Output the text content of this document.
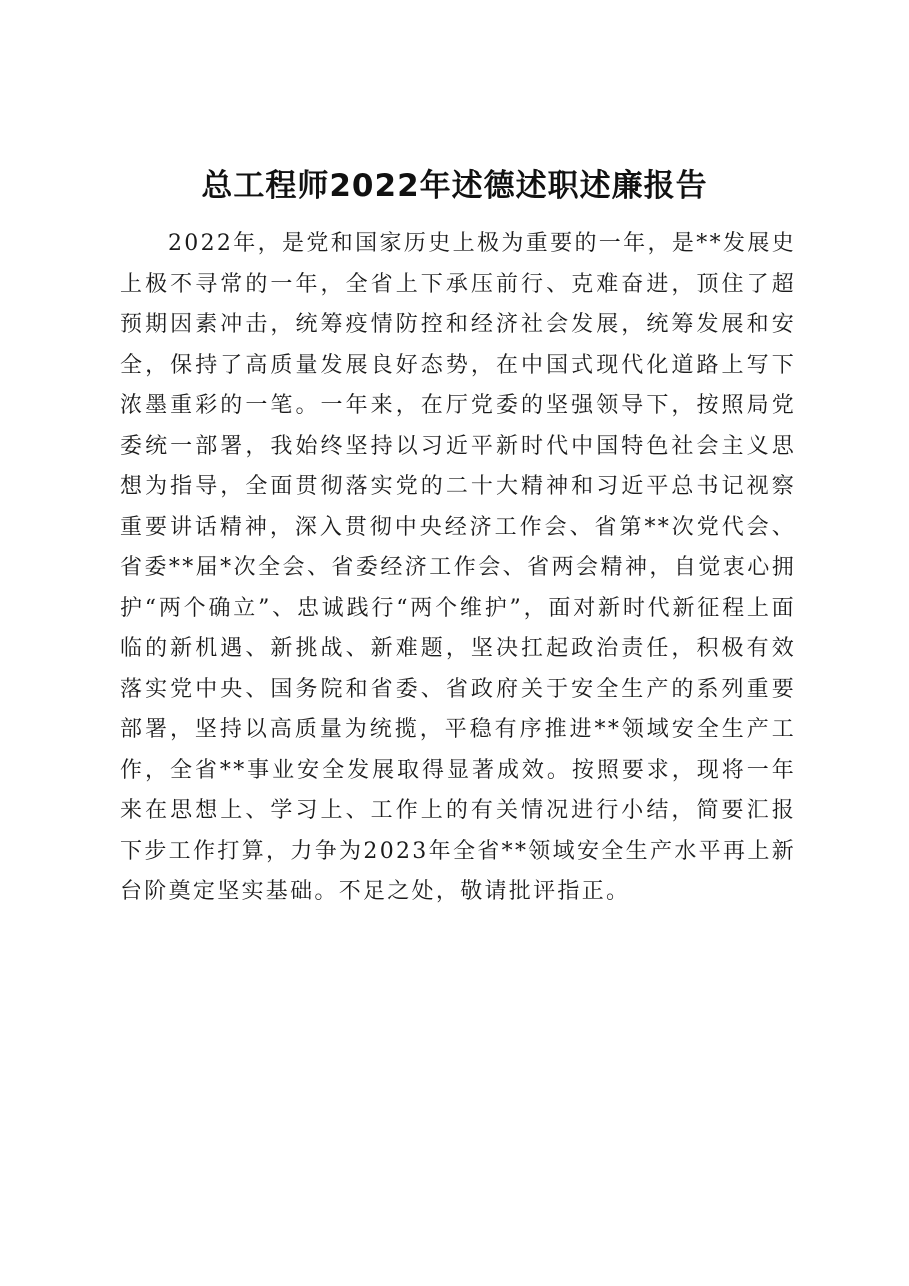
总工程师2022年述德述职述廉报告

2022年，是党和国家历史上极为重要的一年，是**发展史上极不寻常的一年，全省上下承压前行、克难奋进，顶住了超预期因素冲击，统筹疫情防控和经济社会发展，统筹发展和安全，保持了高质量发展良好态势，在中国式现代化道路上写下浓墨重彩的一笔。一年来，在厅党委的坚强领导下，按照局党委统一部署，我始终坚持以习近平新时代中国特色社会主义思想为指导，全面贯彻落实党的二十大精神和习近平总书记视察重要讲话精神，深入贯彻中央经济工作会、省第**次党代会、省委**届*次全会、省委经济工作会、省两会精神，自觉衷心拥护“两个确立”、忠诚践行“两个维护”，面对新时代新征程上面临的新机遇、新挑战、新难题，坚决扛起政治责任，积极有效落实党中央、国务院和省委、省政府关于安全生产的系列重要部署，坚持以高质量为统揽，平稳有序推进**领域安全生产工作，全省**事业安全发展取得显著成效。按照要求，现将一年来在思想上、学习上、工作上的有关情况进行小结，简要汇报下步工作打算，力争为2023年全省**领域安全生产水平再上新台阶奠定坚实基础。不足之处，敬请批评指正。
